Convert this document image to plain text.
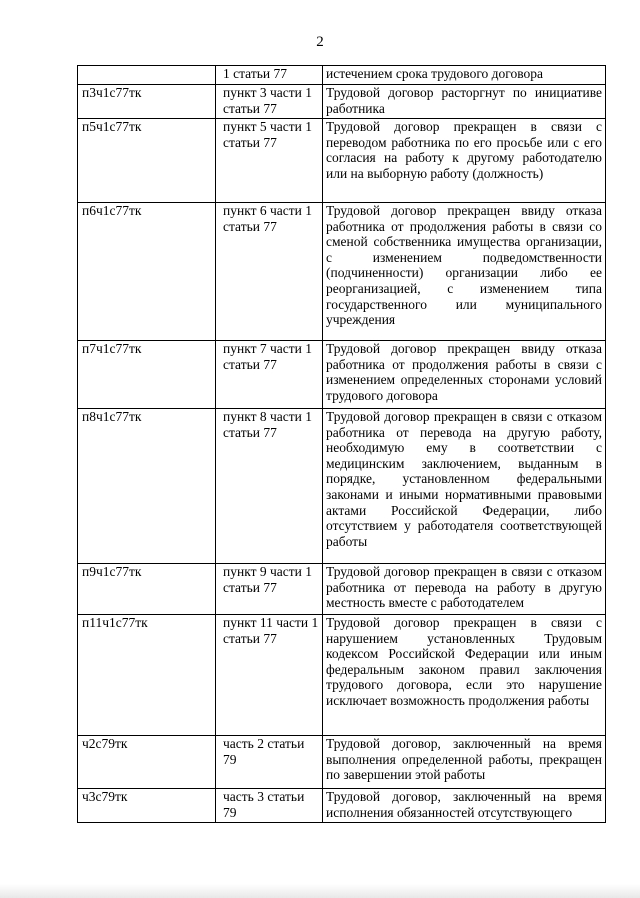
2
	1 статьи 77	истечением срока трудового договора
п3ч1с77тк	пункт 3 части 1 статьи 77	Трудовой договор расторгнут по инициативе работника
п5ч1с77тк	пункт 5 части 1 статьи 77	Трудовой договор прекращен в связи с переводом работника по его просьбе или с его согласия на работу к другому работодателю или на выборную работу (должность)
п6ч1с77тк	пункт 6 части 1 статьи 77	Трудовой договор прекращен ввиду отказа работника от продолжения работы в связи со сменой собственника имущества организации, с изменением подведомственности (подчиненности) организации либо ее реорганизацией, с изменением типа государственного или муниципального учреждения
п7ч1с77тк	пункт 7 части 1 статьи 77	Трудовой договор прекращен ввиду отказа работника от продолжения работы в связи с изменением определенных сторонами условий трудового договора
п8ч1с77тк	пункт 8 части 1 статьи 77	Трудовой договор прекращен в связи с отказом работника от перевода на другую работу, необходимую ему в соответствии с медицинским заключением, выданным в порядке, установленном федеральными законами и иными нормативными правовыми актами Российской Федерации, либо отсутствием у работодателя соответствующей работы
п9ч1с77тк	пункт 9 части 1 статьи 77	Трудовой договор прекращен в связи с отказом работника от перевода на работу в другую местность вместе с работодателем
п11ч1с77тк	пункт 11 части 1 статьи 77	Трудовой договор прекращен в связи с нарушением установленных Трудовым кодексом Российской Федерации или иным федеральным законом правил заключения трудового договора, если это нарушение исключает возможность продолжения работы
ч2с79тк	часть 2 статьи 79	Трудовой договор, заключенный на время выполнения определенной работы, прекращен по завершении этой работы
ч3с79тк	часть 3 статьи 79	Трудовой договор, заключенный на время исполнения обязанностей отсутствующего
